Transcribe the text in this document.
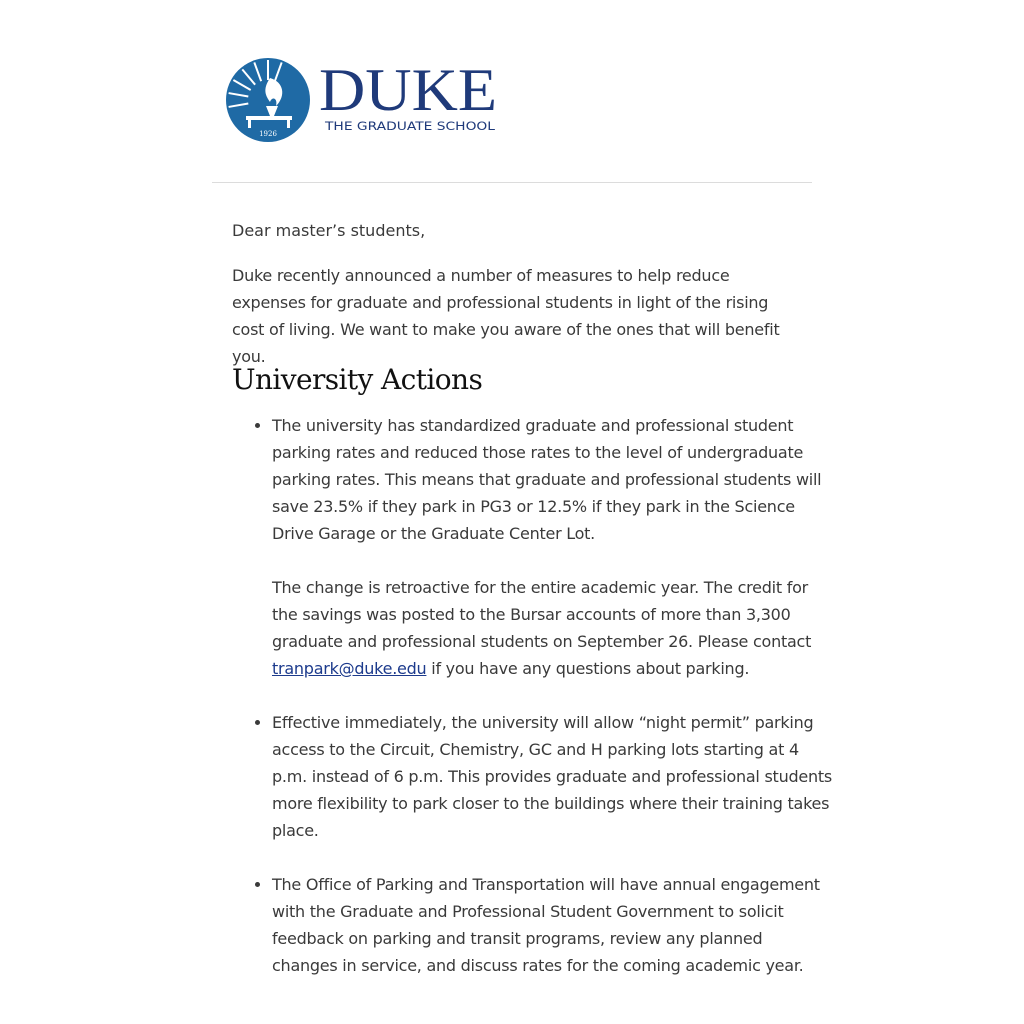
1926
DUKE
THE GRADUATE SCHOOL

Dear master’s students,

Duke recently announced a number of measures to help reduce expenses for graduate and professional students in light of the rising cost of living. We want to make you aware of the ones that will benefit you.

University Actions

• The university has standardized graduate and professional student parking rates and reduced those rates to the level of undergraduate parking rates. This means that graduate and professional students will save 23.5% if they park in PG3 or 12.5% if they park in the Science Drive Garage or the Graduate Center Lot.

The change is retroactive for the entire academic year. The credit for the savings was posted to the Bursar accounts of more than 3,300 graduate and professional students on September 26. Please contact tranpark@duke.edu if you have any questions about parking.

• Effective immediately, the university will allow “night permit” parking access to the Circuit, Chemistry, GC and H parking lots starting at 4 p.m. instead of 6 p.m. This provides graduate and professional students more flexibility to park closer to the buildings where their training takes place.

• The Office of Parking and Transportation will have annual engagement with the Graduate and Professional Student Government to solicit feedback on parking and transit programs, review any planned changes in service, and discuss rates for the coming academic year.
